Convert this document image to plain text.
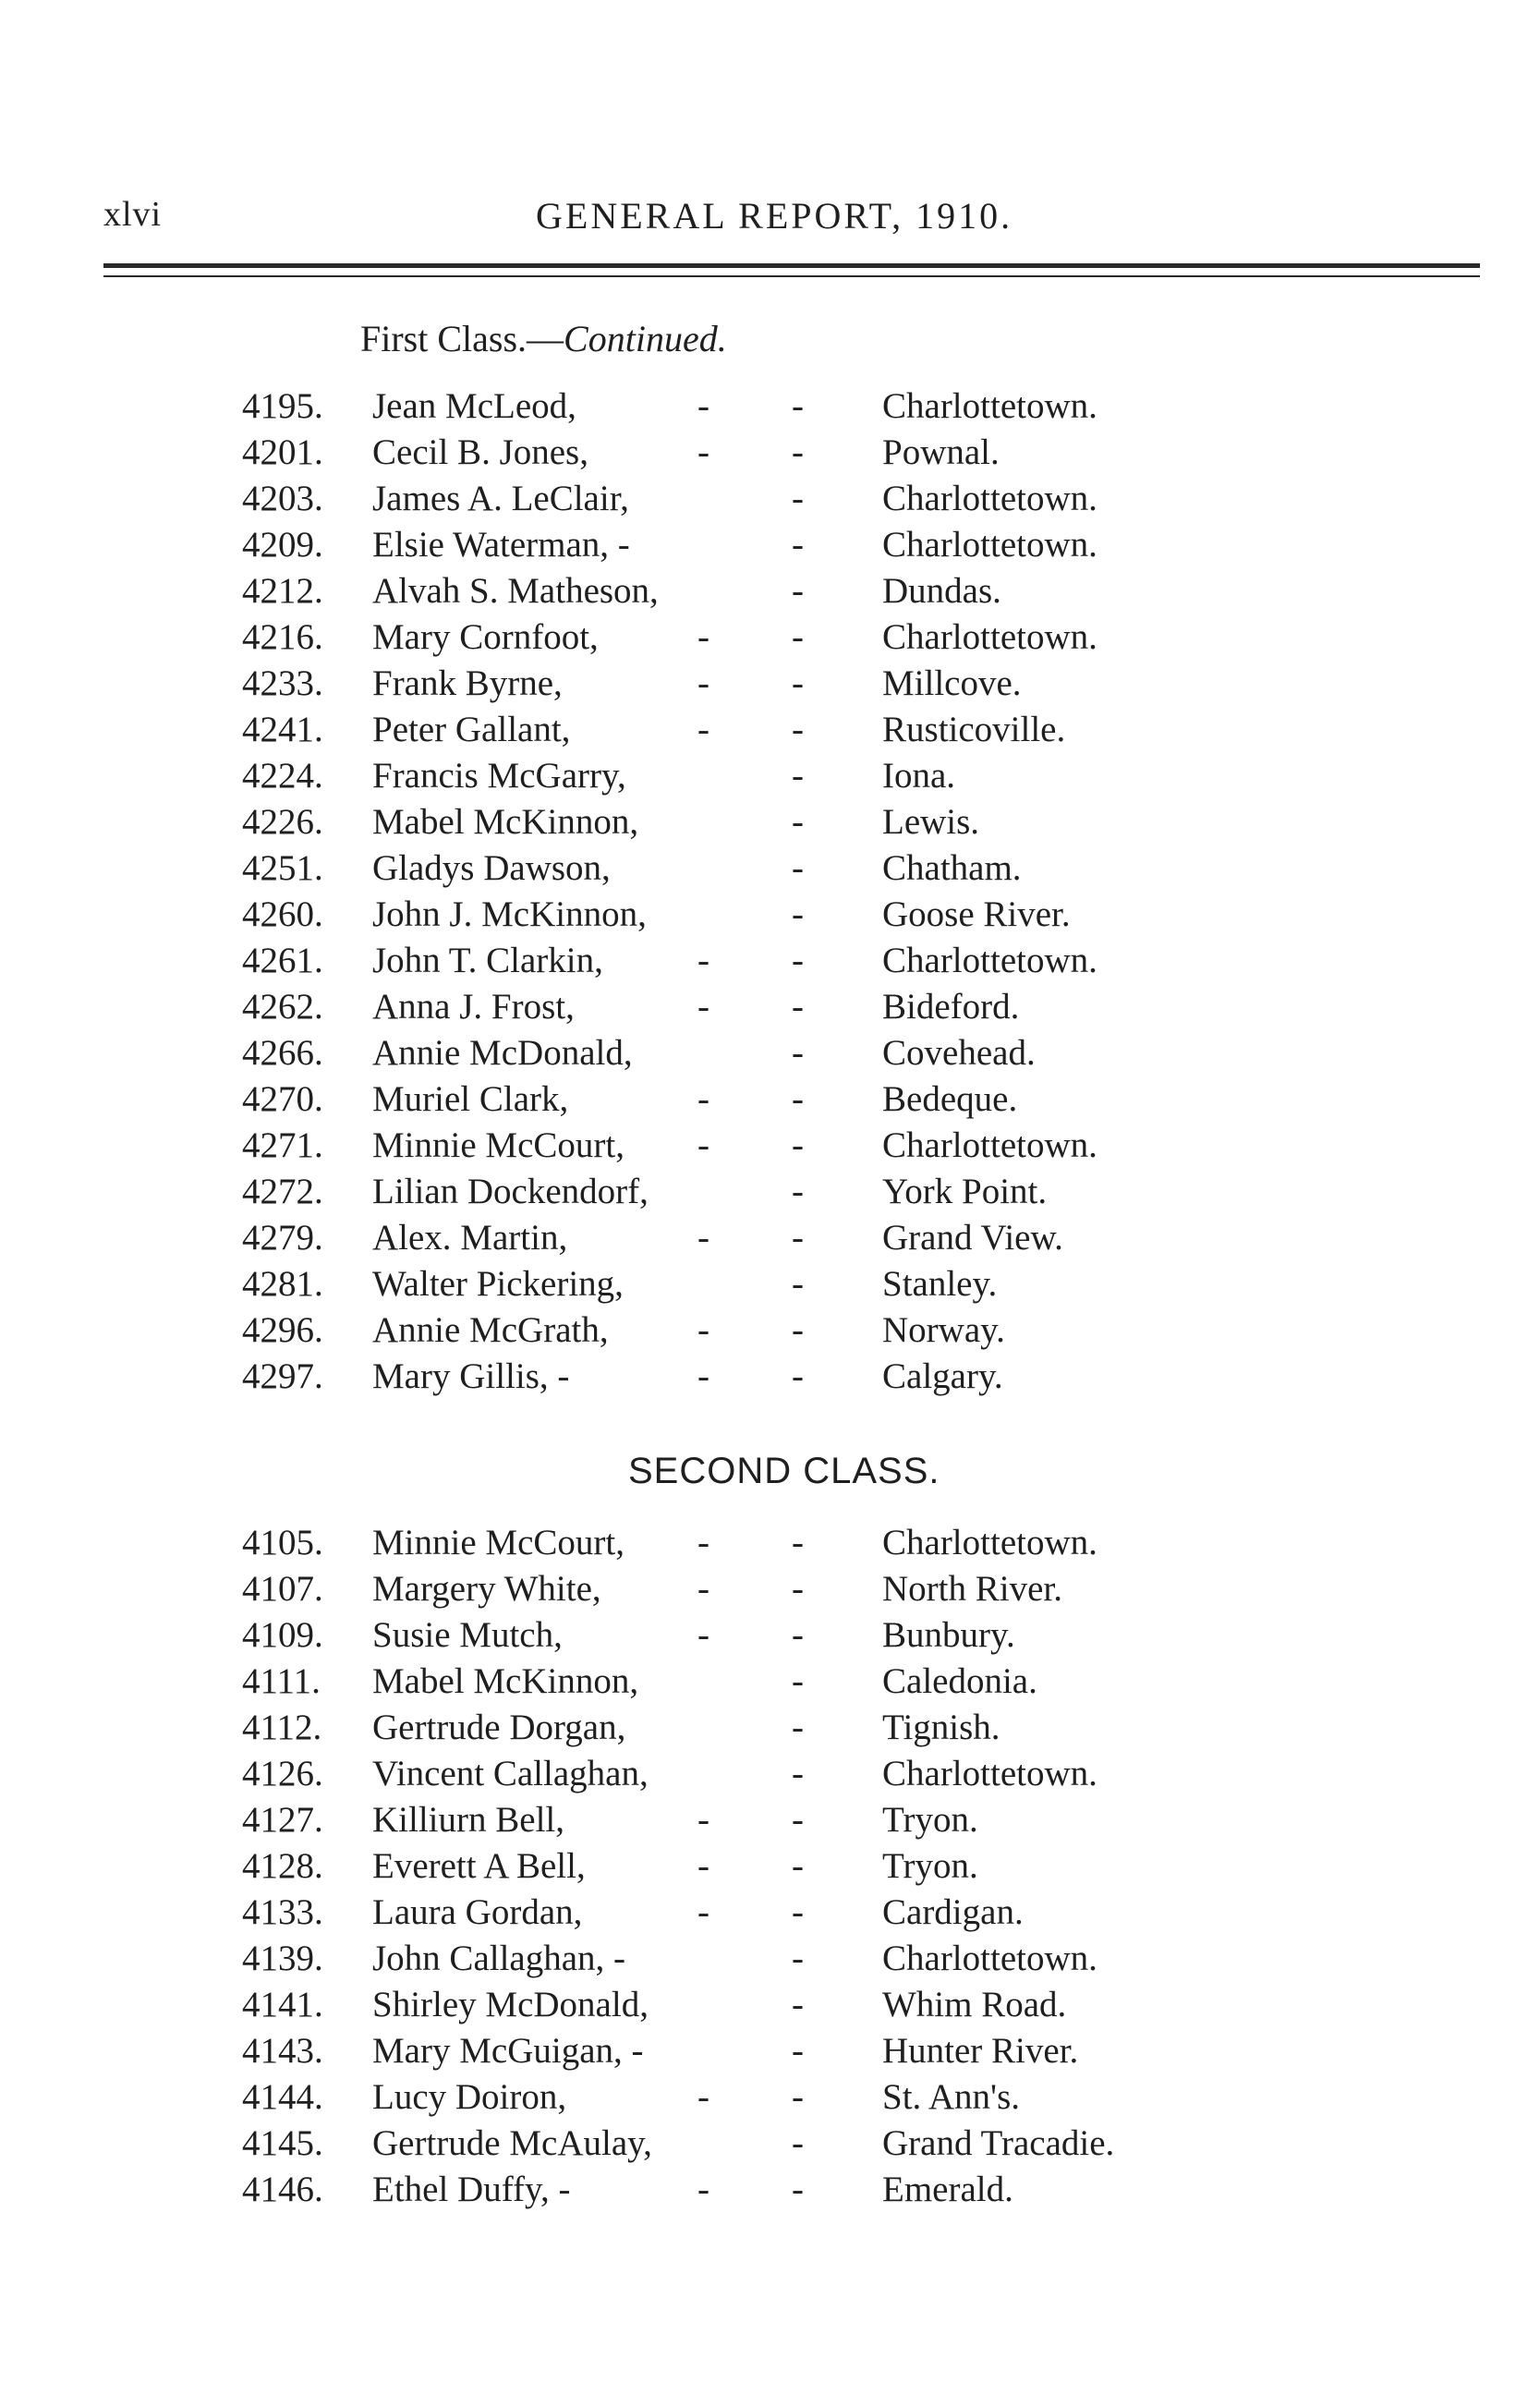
xlvi	GENERAL REPORT, 1910.
First Class.—Continued.
4195. Jean McLeod,	- - Charlottetown.
4201. Cecil B. Jones,	- - Pownal.
4203. James A. LeClair,	- Charlottetown.
4209. Elsie Waterman, -	- Charlottetown.
4212. Alvah S. Matheson,	- Dundas.
4216. Mary Cornfoot,	- - Charlottetown.
4233. Frank Byrne,	- - Millcove.
4241. Peter Gallant,	- - Rusticoville.
4224. Francis McGarry,	- Iona.
4226. Mabel McKinnon,	- Lewis.
4251. Gladys Dawson,	- Chatham.
4260. John J. McKinnon,	- Goose River.
4261. John T. Clarkin,	- - Charlottetown.
4262. Anna J. Frost,	- - Bideford.
4266. Annie McDonald,	- Covehead.
4270. Muriel Clark,	- - Bedeque.
4271. Minnie McCourt, - - Charlottetown.
4272. Lilian Dockendorf,	- York Point.
4279. Alex. Martin,	- - Grand View.
4281. Walter Pickering,	- Stanley.
4296. Annie McGrath, - - Norway.
4297. Mary Gillis, -	- - Calgary.
SECOND CLASS.
4105. Minnie McCourt, - - Charlottetown.
4107. Margery White,	- - North River.
4109. Susie Mutch,	- - Bunbury.
4111. Mabel McKinnon,	- Caledonia.
4112. Gertrude Dorgan,	- Tignish.
4126. Vincent Callaghan,	- Charlottetown.
4127. Killiurn Bell,	- - Tryon.
4128. Everett A Bell,	- - Tryon.
4133. Laura Gordan,	- - Cardigan.
4139. John Callaghan, -	- Charlottetown.
4141. Shirley McDonald,	- Whim Road.
4143. Mary McGuigan, -	- Hunter River.
4144. Lucy Doiron,	- - St. Ann's.
4145. Gertrude McAulay,	- Grand Tracadie.
4146. Ethel Duffy, -	- - Emerald.
